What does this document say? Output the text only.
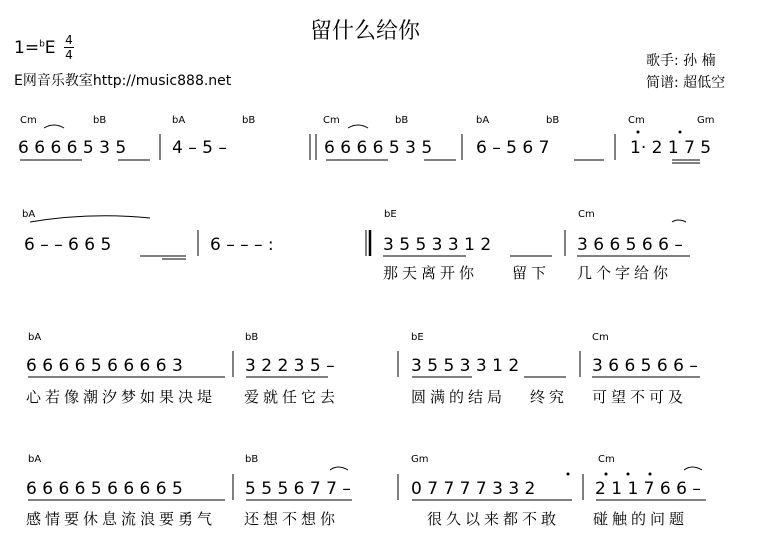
留什么给你
1=$^b$E 4
4
E网音乐教室http://music888.net
歌手: 孙 楠
简谱: 超低空
Cm	bB	bA	bB	Cm	bB	bA	bB	Cm	Gm
6 6 6 6 5 3 5	4 – 5 –	6 6 6 6 5 3 5	6 – 5 6 7	1· 2 1 7 5
bA	bE	Cm
6 – – 6 6 5	6 – – – :	3 5 5 3 3 1 2	3 6 6 5 6 6 –
那天离开你 留下 几个字给你
bA	bB	bE	Cm
6 6 6 6 5 6 6 6 6 3	3 2 2 3 5 –	3 5 5 3 3 1 2	3 6 6 5 6 6 –
心若像潮汐梦如果决堤 爱就任它去	圆满的结局 终究 可望不可及
bA	bB	Gm	Cm
6 6 6 6 5 6 6 6 6 5	5 5 5 6 7 7 –	0 7 7 7 7 3 3 2	2 1 1 7 6 6 –
感情要休息流浪要勇气 还想不想你	很久以来都不敢 碰触的问题
